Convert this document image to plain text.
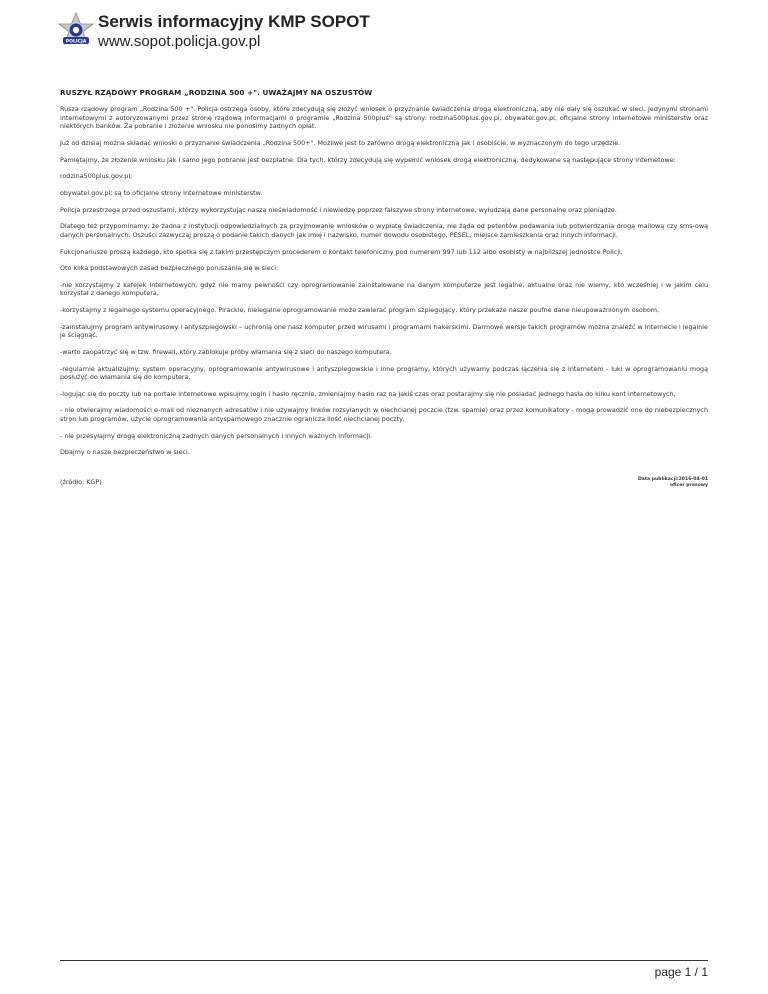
POLICJA
Serwis informacyjny KMP SOPOT
www.sopot.policja.gov.pl
RUSZYŁ RZĄDOWY PROGRAM „RODZINA 500 +". UWAŻAJMY NA OSZUSTÓW

Rusza rządowy program „Rodzina 500 +". Policja ostrzega osoby, które zdecydują się złożyć wniosek o przyznanie świadczenia drogą elektroniczną, aby nie dały się oszukać w sieci. Jedynymi stronami internetowymi z autoryzowanymi przez stronę rządową informacjami o programie „Rodzina 500plus" są strony: rodzina500plus.gov.pl, obywatel.gov.pl, oficjalne strony internetowe ministerstw oraz niektórych banków. Za pobranie i złożenie wniosku nie ponosimy żadnych opłat.

Już od dzisiaj można składać wnioski o przyznanie świadczenia „Rodzina 500+". Możliwe jest to zarówno drogą elektroniczną jak i osobiście, w wyznaczonym do tego urzędzie.

Pamiętajmy, że złożenie wniosku jak i samo jego pobranie jest bezpłatne. Dla tych, którzy zdecydują się wypełnić wniosek drogą elektroniczną, dedykowane są następujące strony internetowe:

rodzina500plus.gov.pl;

obywatel.gov.pl; są to oficjalne strony internetowe ministerstw.

Policja przestrzega przed oszustami, którzy wykorzystując naszą nieświadomość i niewiedzę poprzez fałszywe strony internetowe, wyłudzają dane personalne oraz pieniądze.

Dlatego też przypominamy, że żadna z instytucji odpowiedzialnych za przyjmowanie wniosków o wypłatę świadczenia, nie żąda od petentów podawania lub potwierdzania drogą mailową czy sms-ową danych personalnych. Oszuści zazwyczaj proszą o podanie takich danych jak imię i nazwisko, numer dowodu osobistego, PESEL, miejsce zamieszkania oraz innych informacji.

Fukcjonariusze proszą każdego, kto spotka się z takim przestępczym procederem o kontakt telefoniczny pod numerem 997 lub 112 albo osobisty w najbliższej jednostce Policji.

Oto kilka podstawowych zasad bezpiecznego poruszania się w sieci:

-nie korzystajmy z kafejek internetowych, gdyż nie mamy pewności czy oprogramowanie zainstalowane na danym komputerze jest legalne, aktualne oraz nie wiemy, kto wcześniej i w jakim celu korzystał z danego komputera,

-korzystajmy z legalnego systemu operacyjnego. Pirackie, nielegalne oprogramowanie może zawierać program szpiegujący, który przekaże nasze poufne dane nieupoważnionym osobom,

-zainstalujmy program antywirusowy i antyszpiegowski – uchronią one nasz komputer przed wirusami i programami hakerskimi. Darmowe wersje takich programów można znaleźć w Internecie i legalnie je ściągnąć,

-warto zaopatrzyć się w tzw. firewall, który zablokuje próby włamania się z sieci do naszego komputera,

-regularnie aktualizujmy: system operacyjny, oprogramowanie antywirusowe i antyszpiegowskie i inne programy, których używamy podczas łączenia się z Internetem - luki w oprogramowaniu mogą posłużyć do włamania się do komputera,

-logując się do poczty lub na portale internetowe wpisujmy login i hasło ręcznie, zmieniajmy hasło raz na jakiś czas oraz postarajmy się nie posiadać jednego hasła do kilku kont internetowych,

- nie otwierajmy wiadomości e-mail od nieznanych adresatów i nie używajmy linków rozsyłanych w niechcianej poczcie (tzw. spamie) oraz przez komunikatory - mogą prowadzić one do niebezpiecznych stron lub programów, użycie oprogramowania antyspamowego znacznie ogranicza ilość niechcianej poczty,

- nie przesyłajmy drogą elektroniczną żadnych danych personalnych i innych ważnych informacji.

Dbajmy o nasze bezpieczeństwo w sieci.

(źródło: KGP)	Data publikacji:2016-04-01
oficer prasowy
page 1 / 1
